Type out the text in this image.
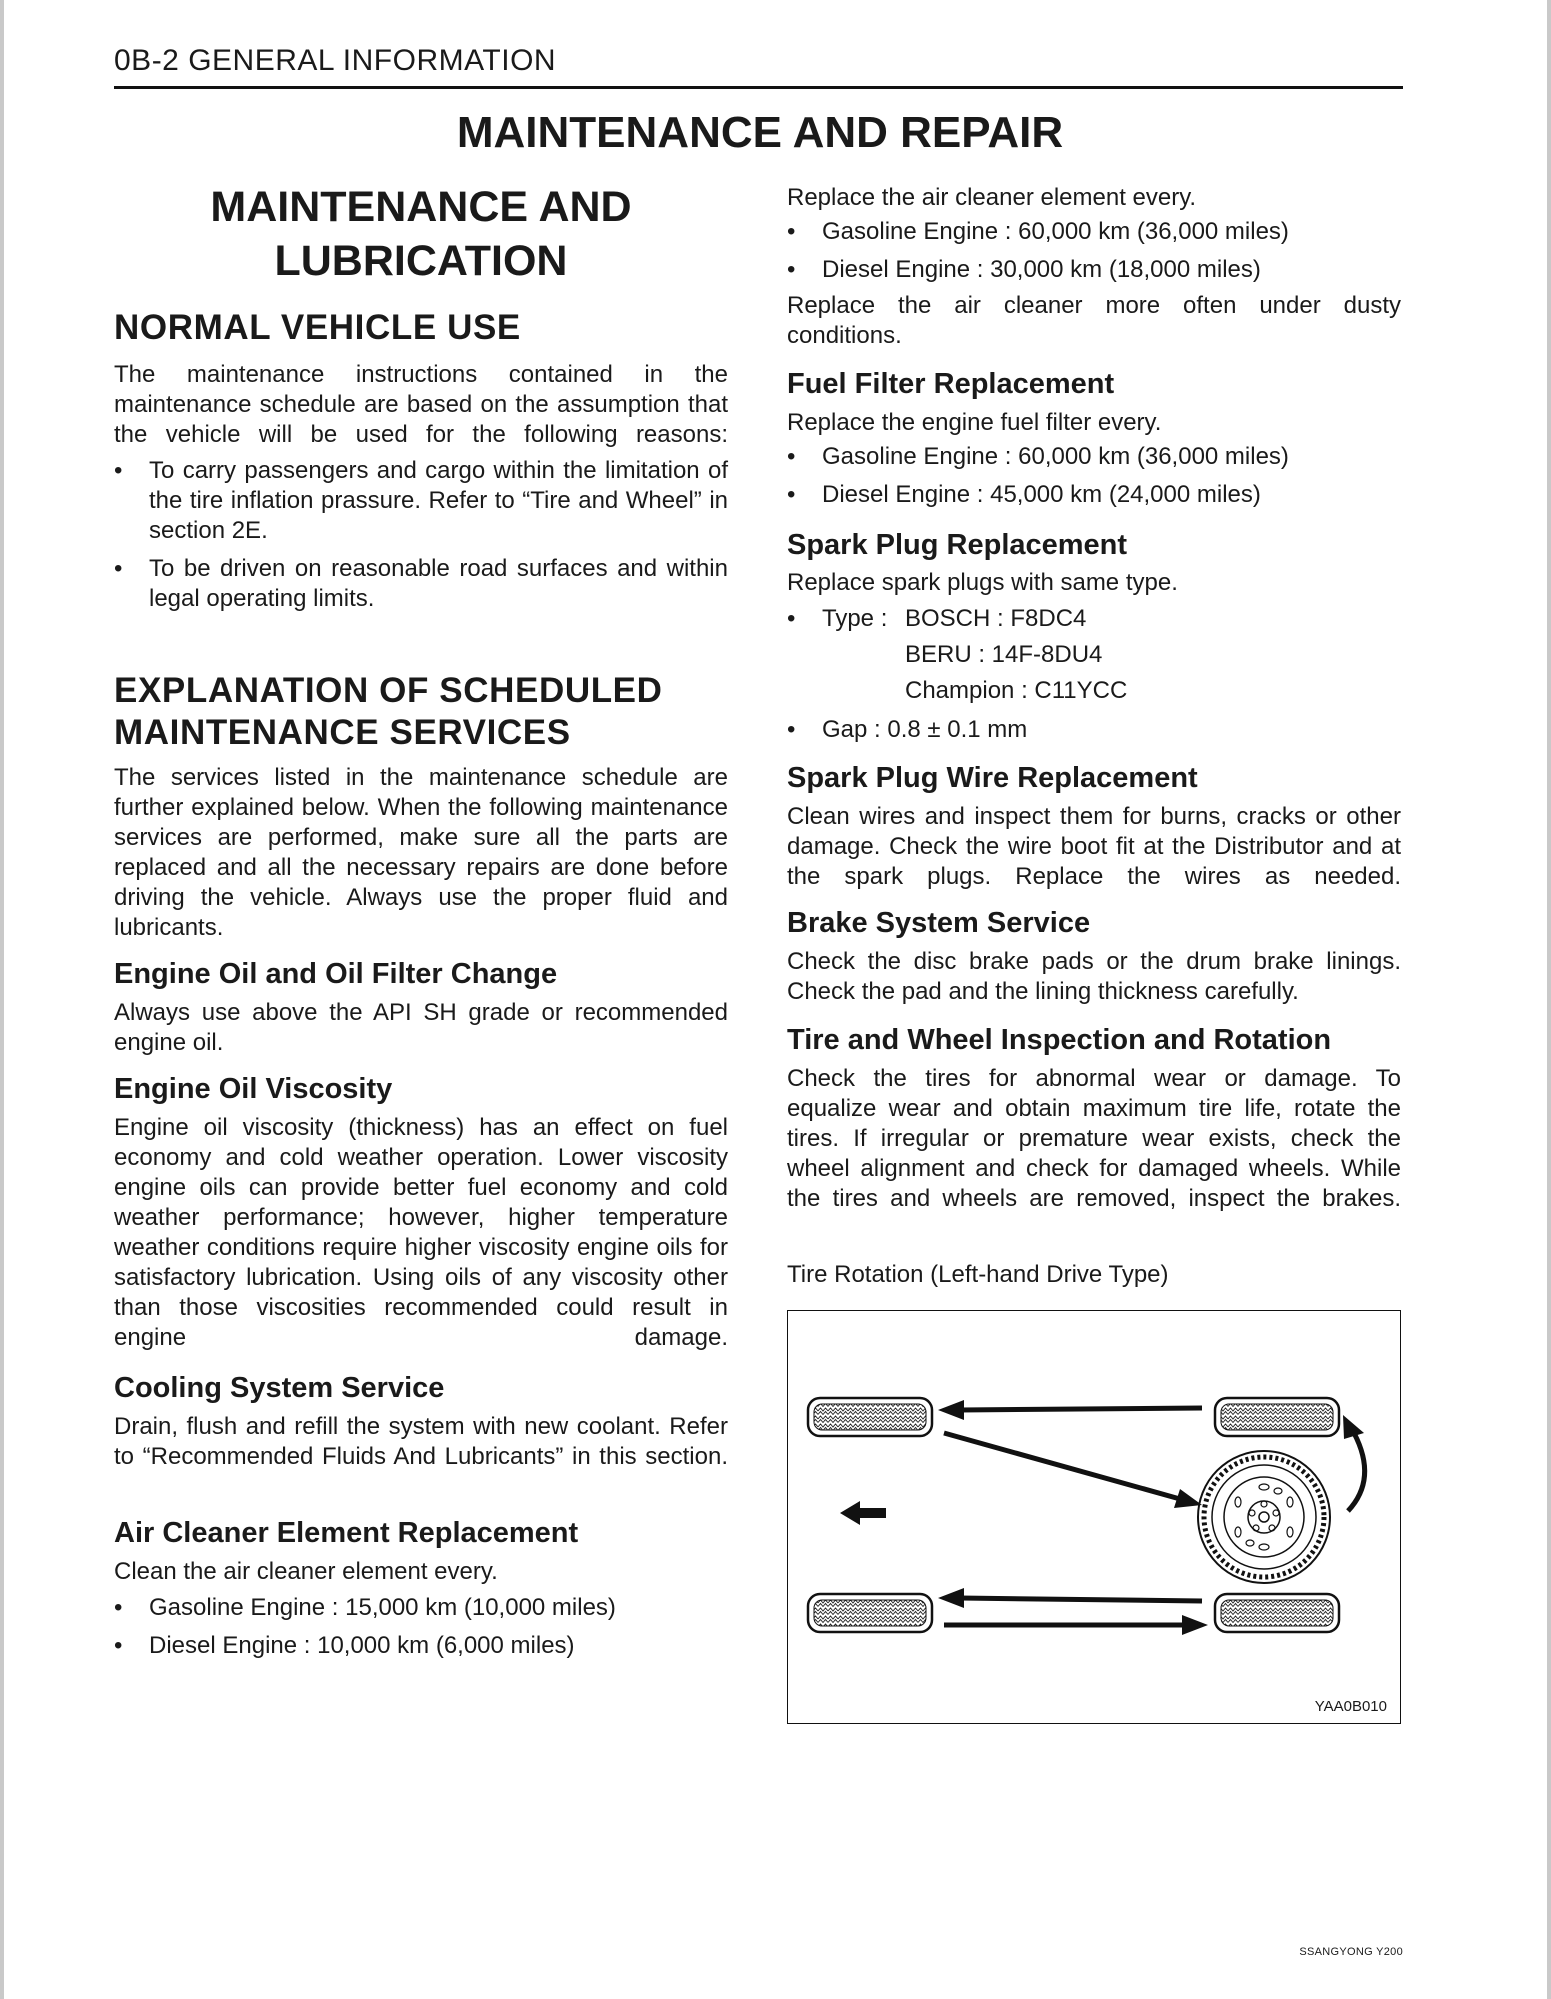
0B-2 GENERAL INFORMATION
MAINTENANCE AND REPAIR
MAINTENANCE AND
LUBRICATION
NORMAL VEHICLE USE

The maintenance instructions contained in the maintenance schedule are based on the assumption that the vehicle will be used for the following reasons:

• To carry passengers and cargo within the limitation of the tire inflation prassure. Refer to “Tire and Wheel” in section 2E.
• To be driven on reasonable road surfaces and within legal operating limits.
EXPLANATION OF SCHEDULED
MAINTENANCE SERVICES

The services listed in the maintenance schedule are further explained below. When the following maintenance services are performed, make sure all the parts are replaced and all the necessary repairs are done before driving the vehicle. Always use the proper fluid and lubricants.

Engine Oil and Oil Filter Change

Always use above the API SH grade or recommended engine oil.

Engine Oil Viscosity

Engine oil viscosity (thickness) has an effect on fuel economy and cold weather operation. Lower viscosity engine oils can provide better fuel economy and cold weather performance; however, higher temperature weather conditions require higher viscosity engine oils for satisfactory lubrication. Using oils of any viscosity other than those viscosities recommended could result in engine damage.

Cooling System Service

Drain, flush and refill the system with new coolant. Refer to “Recommended Fluids And Lubricants” in this section.

Air Cleaner Element Replacement

Clean the air cleaner element every.

• Gasoline Engine : 15,000 km (10,000 miles)
• Diesel Engine : 10,000 km (6,000 miles)

Replace the air cleaner element every.

• Gasoline Engine : 60,000 km (36,000 miles)
• Diesel Engine : 30,000 km (18,000 miles)

Replace the air cleaner more often under dusty conditions.

Fuel Filter Replacement

Replace the engine fuel filter every.

• Gasoline Engine : 60,000 km (36,000 miles)
• Diesel Engine : 45,000 km (24,000 miles)
Spark Plug Replacement

Replace spark plugs with same type.

• Type : BOSCH : F8DC4
BERU : 14F-8DU4
Champion : C11YCC
• Gap : 0.8 ± 0.1 mm
Spark Plug Wire Replacement

Clean wires and inspect them for burns, cracks or other damage. Check the wire boot fit at the Distributor and at the spark plugs. Replace the wires as needed.

Brake System Service

Check the disc brake pads or the drum brake linings. Check the pad and the lining thickness carefully.

Tire and Wheel Inspection and Rotation

Check the tires for abnormal wear or damage. To equalize wear and obtain maximum tire life, rotate the tires. If irregular or premature wear exists, check the wheel alignment and check for damaged wheels. While the tires and wheels are removed, inspect the brakes.

Tire Rotation (Left-hand Drive Type)
YAA0B010
SSANGYONG Y200
